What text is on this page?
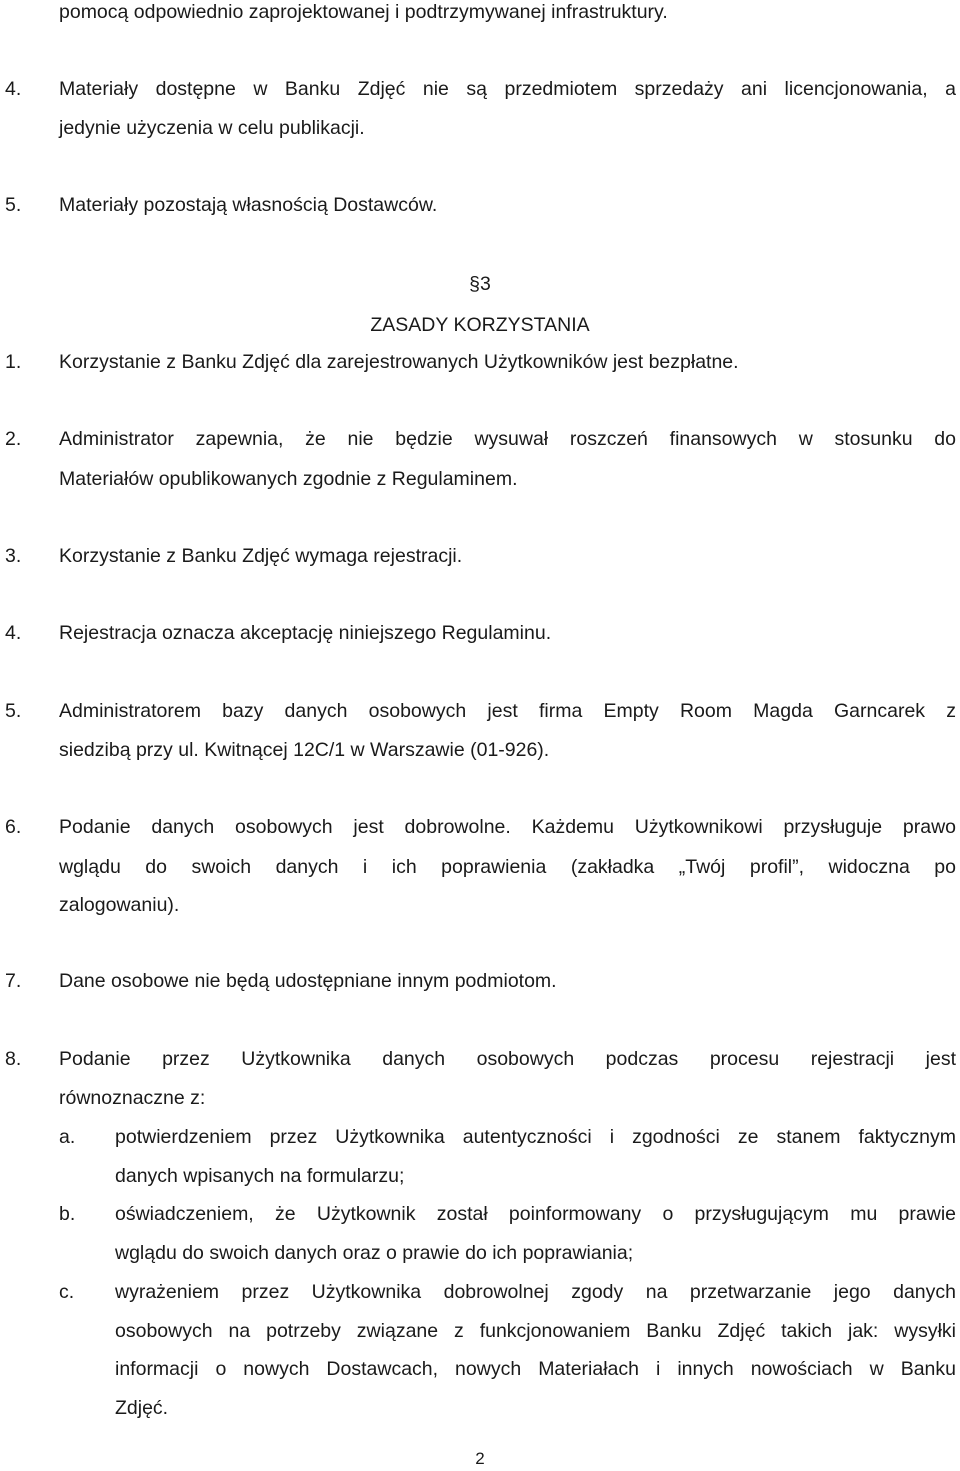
pomocą odpowiednio zaprojektowanej i podtrzymywanej infrastruktury.
4. Materiały dostępne w Banku Zdjęć nie są przedmiotem sprzedaży ani licencjonowania, a
jedynie użyczenia w celu publikacji.
5. Materiały pozostają własnością Dostawców.
§3
ZASADY KORZYSTANIA
1. Korzystanie z Banku Zdjęć dla zarejestrowanych Użytkowników jest bezpłatne.
2. Administrator zapewnia, że nie będzie wysuwał roszczeń finansowych w stosunku do
Materiałów opublikowanych zgodnie z Regulaminem.
3. Korzystanie z Banku Zdjęć wymaga rejestracji.
4. Rejestracja oznacza akceptację niniejszego Regulaminu.
5. Administratorem bazy danych osobowych jest firma Empty Room Magda Garncarek z
siedzibą przy ul. Kwitnącej 12C/1 w Warszawie (01-926).
6. Podanie danych osobowych jest dobrowolne. Każdemu Użytkownikowi przysługuje prawo
wglądu do swoich danych i ich poprawienia (zakładka „Twój profil”, widoczna po
zalogowaniu).
7. Dane osobowe nie będą udostępniane innym podmiotom.
8. Podanie przez Użytkownika danych osobowych podczas procesu rejestracji jest
równoznaczne z:
a. potwierdzeniem przez Użytkownika autentyczności i zgodności ze stanem faktycznym
danych wpisanych na formularzu;
b. oświadczeniem, że Użytkownik został poinformowany o przysługującym mu prawie
wglądu do swoich danych oraz o prawie do ich poprawiania;
c. wyrażeniem przez Użytkownika dobrowolnej zgody na przetwarzanie jego danych
osobowych na potrzeby związane z funkcjonowaniem Banku Zdjęć takich jak: wysyłki
informacji o nowych Dostawcach, nowych Materiałach i innych nowościach w Banku
Zdjęć.
2
